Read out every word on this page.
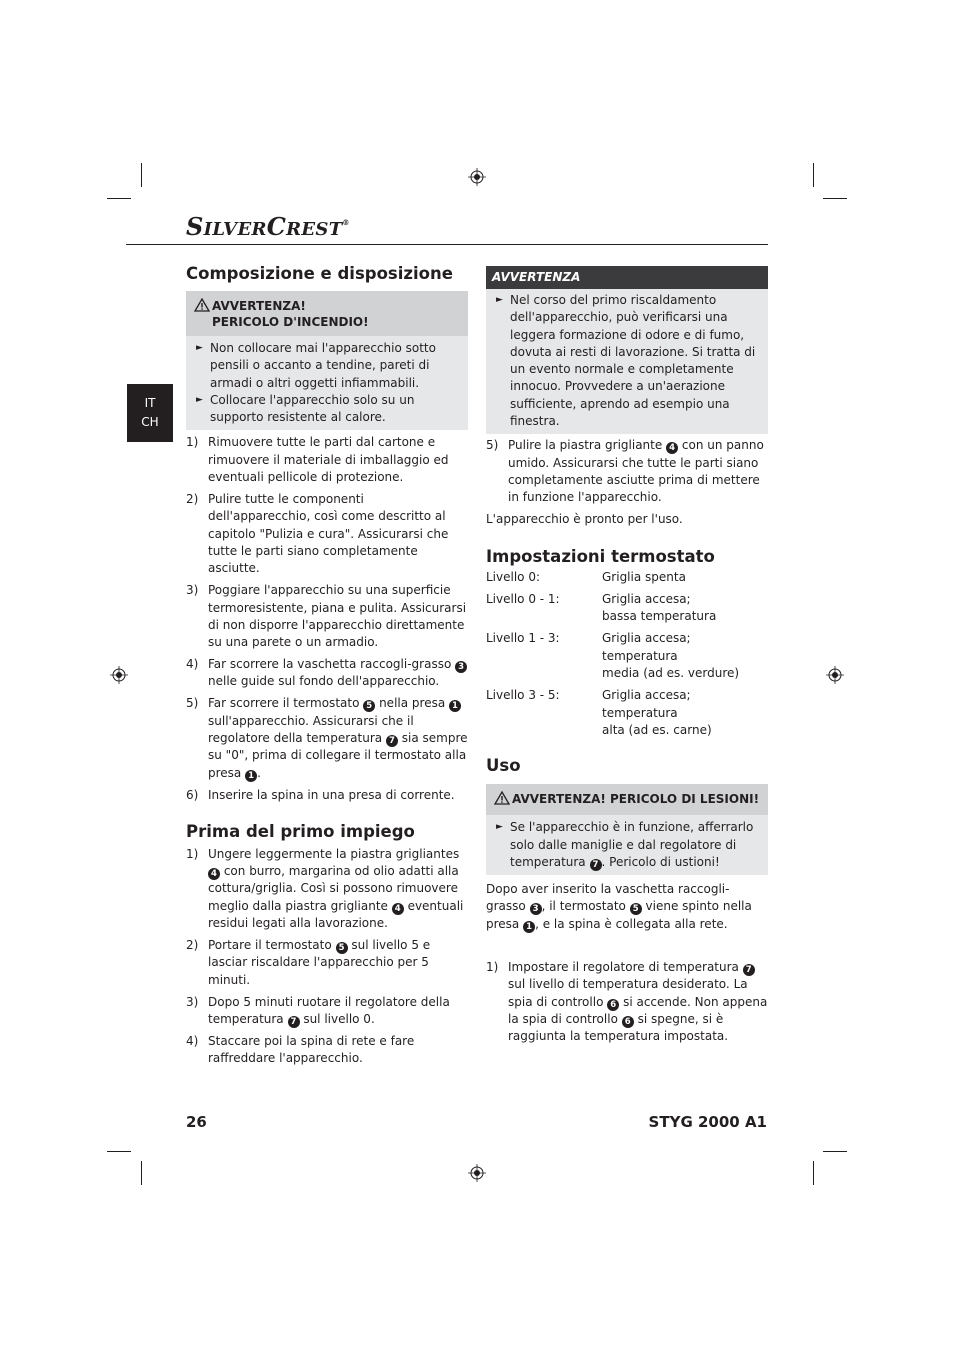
SILVERCREST®
IT
CH
Composizione e disposizione
AVVERTENZA!
PERICOLO D'INCENDIO!
► Non collocare mai l'apparecchio sotto pensili o accanto a tendine, pareti di armadi o altri oggetti infiammabili.
► Collocare l'apparecchio solo su un supporto resistente al calore.
1) Rimuovere tutte le parti dal cartone e rimuovere il materiale di imballaggio ed eventuali pellicole di protezione.
2) Pulire tutte le componenti dell'apparecchio, così come descritto al capitolo "Pulizia e cura". Assicurarsi che tutte le parti siano completamente asciutte.
3) Poggiare l'apparecchio su una superficie termoresistente, piana e pulita. Assicurarsi di non disporre l'apparecchio direttamente su una parete o un armadio.
4) Far scorrere la vaschetta raccogli-grasso 3 nelle guide sul fondo dell'apparecchio.
5) Far scorrere il termostato 5 nella presa 1 sull'apparecchio. Assicurarsi che il regolatore della temperatura 7 sia sempre su "0", prima di collegare il termostato alla presa 1 .
6) Inserire la spina in una presa di corrente.
Prima del primo impiego
1) Ungere leggermente la piastra grigliantes 4 con burro, margarina od olio adatti alla cottura/griglia. Così si possono rimuovere meglio dalla piastra grigliante 4 eventuali residui legati alla lavorazione.
2) Portare il termostato 5 sul livello 5 e lasciar riscaldare l'apparecchio per 5 minuti.
3) Dopo 5 minuti ruotare il regolatore della temperatura 7 sul livello 0.
4) Staccare poi la spina di rete e fare raffreddare l'apparecchio.
AVVERTENZA
► Nel corso del primo riscaldamento dell'apparecchio, può verificarsi una leggera formazione di odore e di fumo, dovuta ai resti di lavorazione. Si tratta di un evento normale e completamente innocuo. Provvedere a un'aerazione sufficiente, aprendo ad esempio una finestra.
5) Pulire la piastra grigliante 4 con un panno umido. Assicurarsi che tutte le parti siano completamente asciutte prima di mettere in funzione l'apparecchio.
L'apparecchio è pronto per l'uso.
Impostazioni termostato
Livello 0:	Griglia spenta
Livello 0 - 1:	Griglia accesa;
bassa temperatura
Livello 1 - 3:	Griglia accesa; temperatura
media (ad es. verdure)
Livello 3 - 5:	Griglia accesa; temperatura
alta (ad es. carne)
Uso
AVVERTENZA! PERICOLO DI LESIONI!
► Se l'apparecchio è in funzione, afferrarlo solo dalle maniglie e dal regolatore di temperatura 7 . Pericolo di ustioni!
Dopo aver inserito la vaschetta raccogli-grasso 3 , il termostato 5 viene spinto nella presa 1 , e la spina è collegata alla rete.
1) Impostare il regolatore di temperatura 7 sul livello di temperatura desiderato. La spia di controllo 6 si accende. Non appena la spia di controllo 6 si spegne, si è raggiunta la temperatura impostata.
26	STYG 2000 A1
